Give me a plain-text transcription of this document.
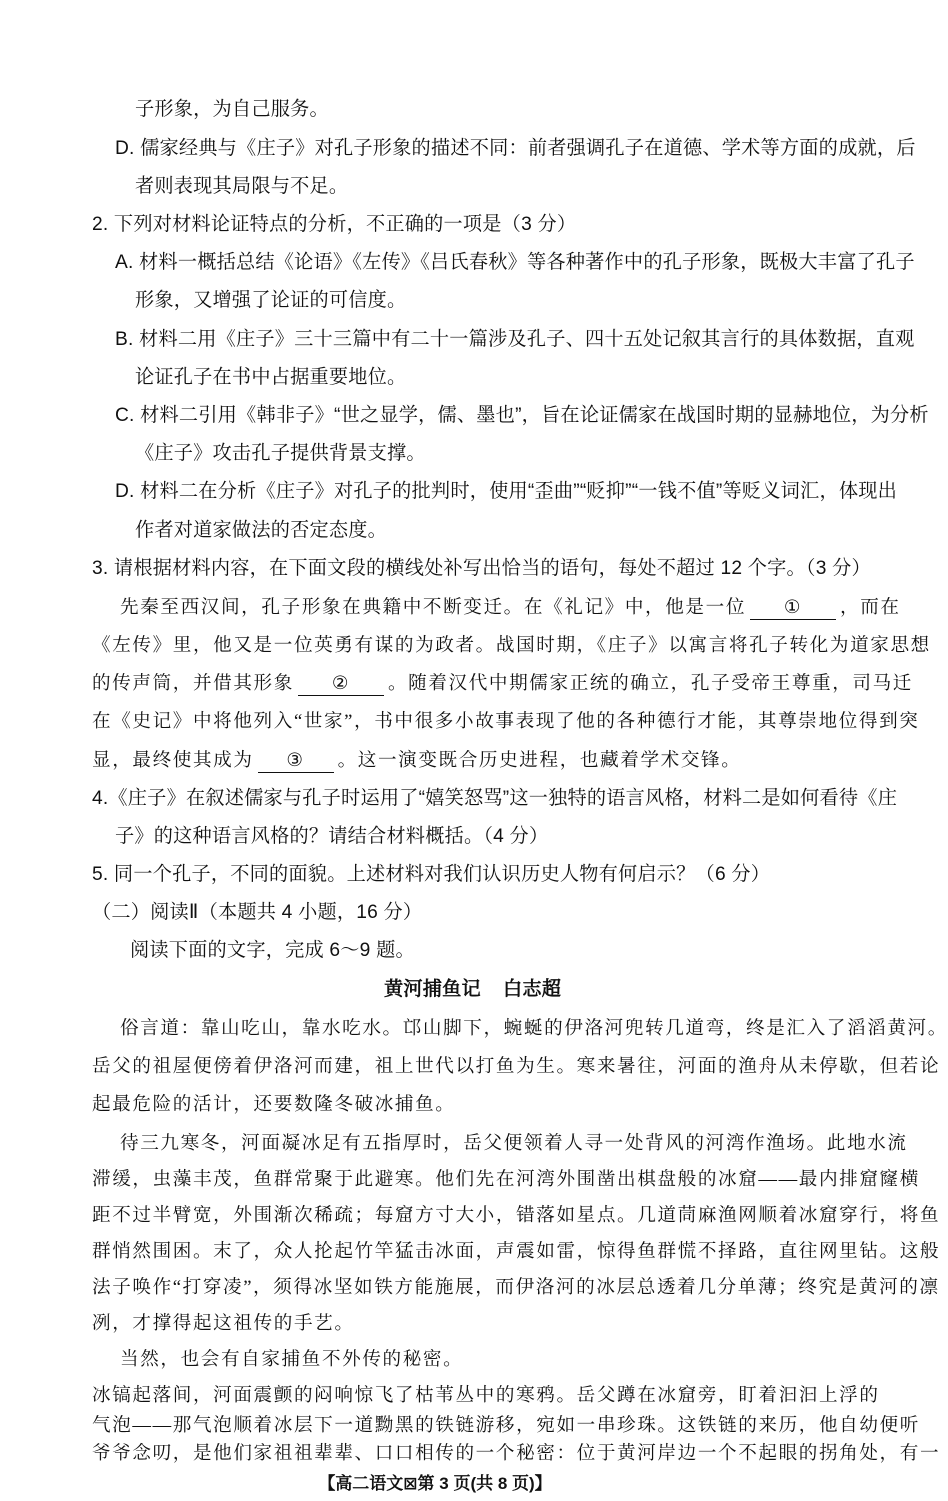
子形象，为自己服务。
D. 儒家经典与《庄子》对孔子形象的描述不同：前者强调孔子在道德、学术等方面的成就，后
者则表现其局限与不足。
2. 下列对材料论证特点的分析，不正确的一项是（3 分）
A. 材料一概括总结《论语》《左传》《吕氏春秋》等各种著作中的孔子形象，既极大丰富了孔子
形象，又增强了论证的可信度。
B. 材料二用《庄子》三十三篇中有二十一篇涉及孔子、四十五处记叙其言行的具体数据，直观
论证孔子在书中占据重要地位。
C. 材料二引用《韩非子》“世之显学，儒、墨也”，旨在论证儒家在战国时期的显赫地位，为分析
《庄子》攻击孔子提供背景支撑。
D. 材料二在分析《庄子》对孔子的批判时，使用“歪曲”“贬抑”“一钱不值”等贬义词汇，体现出
作者对道家做法的否定态度。
3. 请根据材料内容，在下面文段的横线处补写出恰当的语句，每处不超过 12 个字。（3 分）
先秦至西汉间，孔子形象在典籍中不断变迁。在《礼记》中，他是一位 ① ，而在
《左传》里，他又是一位英勇有谋的为政者。战国时期，《庄子》以寓言将孔子转化为道家思想
的传声筒，并借其形象 ② 。随着汉代中期儒家正统的确立，孔子受帝王尊重，司马迁
在《史记》中将他列入“世家”，书中很多小故事表现了他的各种德行才能，其尊崇地位得到突
显，最终使其成为 ③ 。这一演变既合历史进程，也藏着学术交锋。
4.《庄子》在叙述儒家与孔子时运用了“嬉笑怒骂”这一独特的语言风格，材料二是如何看待《庄
子》的这种语言风格的？请结合材料概括。（4 分）
5. 同一个孔子，不同的面貌。上述材料对我们认识历史人物有何启示？（6 分）
（二）阅读Ⅱ（本题共 4 小题，16 分）
阅读下面的文字，完成 6～9 题。
黄河捕鱼记 白志超
俗言道：靠山吃山，靠水吃水。邙山脚下，蜿蜒的伊洛河兜转几道弯，终是汇入了滔滔黄河。
岳父的祖屋便傍着伊洛河而建，祖上世代以打鱼为生。寒来暑往，河面的渔舟从未停歇，但若论
起最危险的活计，还要数隆冬破冰捕鱼。
待三九寒冬，河面凝冰足有五指厚时，岳父便领着人寻一处背风的河湾作渔场。此地水流
滞缓，虫藻丰茂，鱼群常聚于此避寒。他们先在河湾外围凿出棋盘般的冰窟——最内排窟窿横
距不过半臂宽，外围渐次稀疏；每窟方寸大小，错落如星点。几道茼麻渔网顺着冰窟穿行，将鱼
群悄然围困。末了，众人抡起竹竿猛击冰面，声震如雷，惊得鱼群慌不择路，直往网里钻。这般
法子唤作“打穿凌”，须得冰坚如铁方能施展，而伊洛河的冰层总透着几分单薄；终究是黄河的凛
冽，才撑得起这祖传的手艺。
当然，也会有自家捕鱼不外传的秘密。
冰镐起落间，河面震颤的闷响惊飞了枯苇丛中的寒鸦。岳父蹲在冰窟旁，盯着汩汩上浮的
气泡——那气泡顺着冰层下一道黝黑的铁链游移，宛如一串珍珠。这铁链的来历，他自幼便听
【高二语文⊠第 3 页(共 8 页)】
爷爷念叨，是他们家祖祖辈辈、口口相传的一个秘密：位于黄河岸边一个不起眼的拐角处，有一
